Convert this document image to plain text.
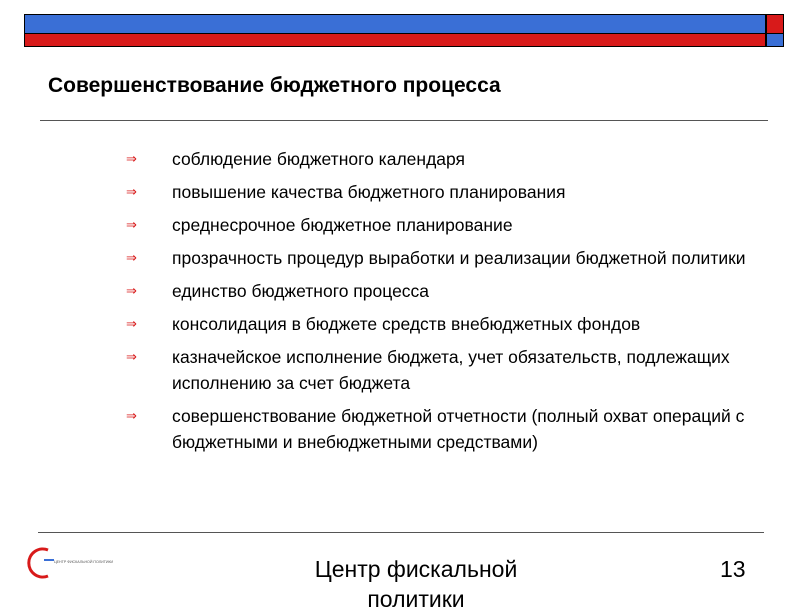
Совершенствование бюджетного процесса
⇒	соблюдение бюджетного календаря
⇒	повышение качества бюджетного планирования
⇒	среднесрочное бюджетное планирование
⇒	прозрачность процедур выработки и реализации бюджетной политики
⇒	единство бюджетного процесса
⇒	консолидация в бюджете средств внебюджетных фондов
⇒	казначейское исполнение бюджета, учет обязательств, подлежащих исполнению за счет бюджета
⇒	совершенствование бюджетной отчетности (полный охват операций с бюджетными и внебюджетными средствами)
ЦЕНТР ФИСКАЛЬНОЙ ПОЛИТИКИ	Центр фискальной политики
13
